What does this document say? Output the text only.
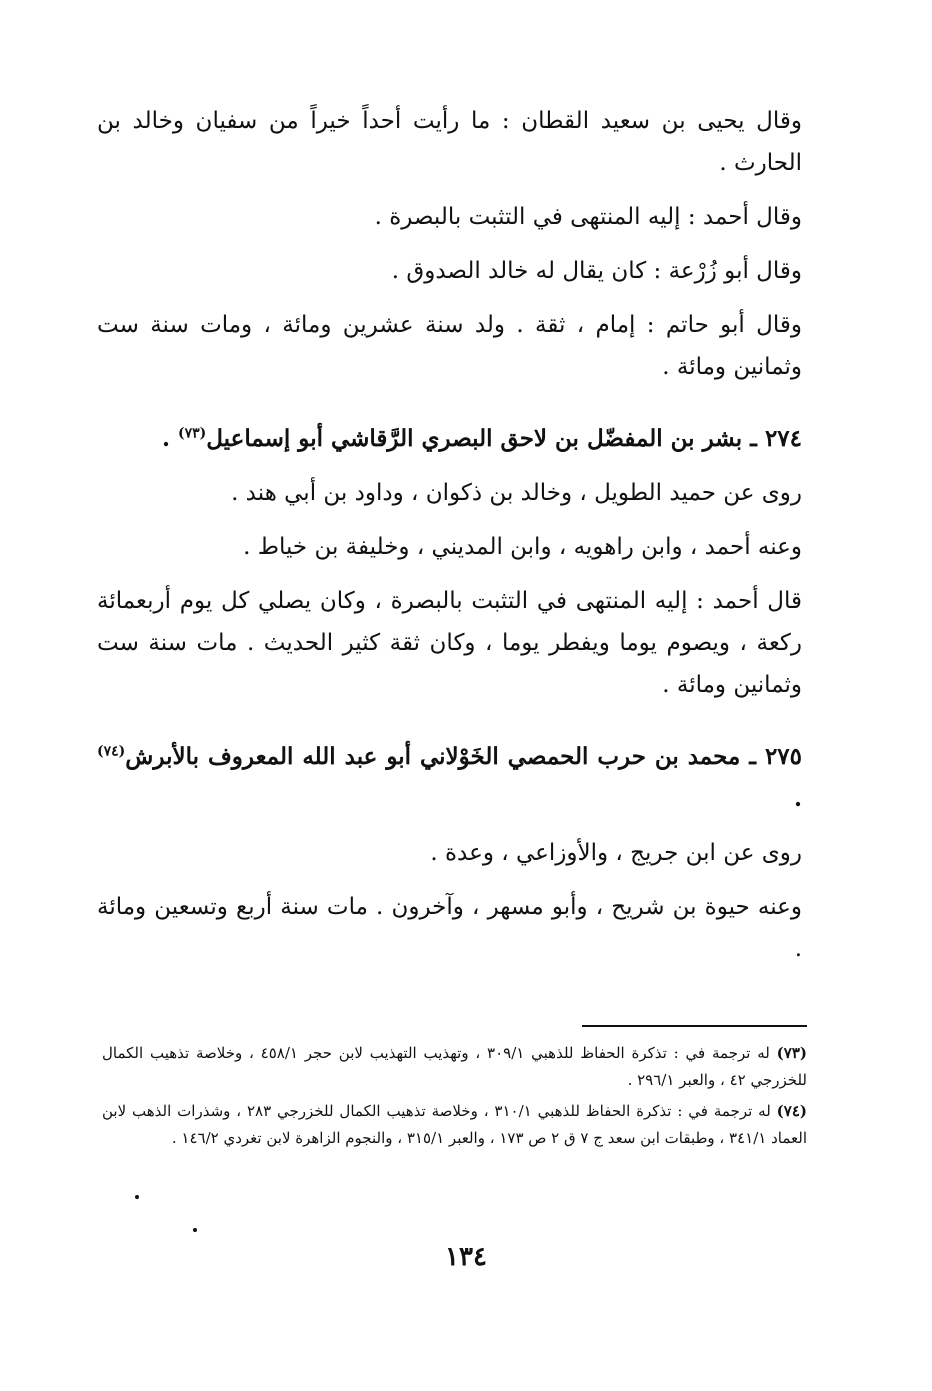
وقال يحيى بن سعيد القطان : ما رأيت أحداً خيراً من سفيان وخالد بن الحارث .

وقال أحمد : إليه المنتهى في التثبت بالبصرة .

وقال أبو زُرْعة : كان يقال له خالد الصدوق .

وقال أبو حاتم : إمام ، ثقة . ولد سنة عشرين ومائة ، ومات سنة ست وثمانين ومائة .

٢٧٤ ـ بشر بن المفضّل بن لاحق البصري الرَّقاشي أبو إسماعيل$^{(٧٣)}$ .

روى عن حميد الطويل ، وخالد بن ذكوان ، وداود بن أبي هند .

وعنه أحمد ، وابن راهويه ، وابن المديني ، وخليفة بن خياط .

قال أحمد : إليه المنتهى في التثبت بالبصرة ، وكان يصلي كل يوم أربعمائة ركعة ، ويصوم يوما ويفطر يوما ، وكان ثقة كثير الحديث . مات سنة ست وثمانين ومائة .

٢٧٥ ـ محمد بن حرب الحمصي الخَوْلاني أبو عبد الله المعروف بالأبرش$^{(٧٤)}$ .

روى عن ابن جريج ، والأوزاعي ، وعدة .

وعنه حيوة بن شريح ، وأبو مسهر ، وآخرون . مات سنة أربع وتسعين ومائة .

(٧٣) له ترجمة في : تذكرة الحفاظ للذهبي ٣٠٩/١ ، وتهذيب التهذيب لابن حجر ٤٥٨/١ ، وخلاصة تذهيب الكمال للخزرجي ٤٢ ، والعبر ٢٩٦/١ .

(٧٤) له ترجمة في : تذكرة الحفاظ للذهبي ٣١٠/١ ، وخلاصة تذهيب الكمال للخزرجي ٢٨٣ ، وشذرات الذهب لابن العماد ٣٤١/١ ، وطبقات ابن سعد ج ٧ ق ٢ ص ١٧٣ ، والعبر ٣١٥/١ ، والنجوم الزاهرة لابن تغردي ١٤٦/٢ .

١٣٤
